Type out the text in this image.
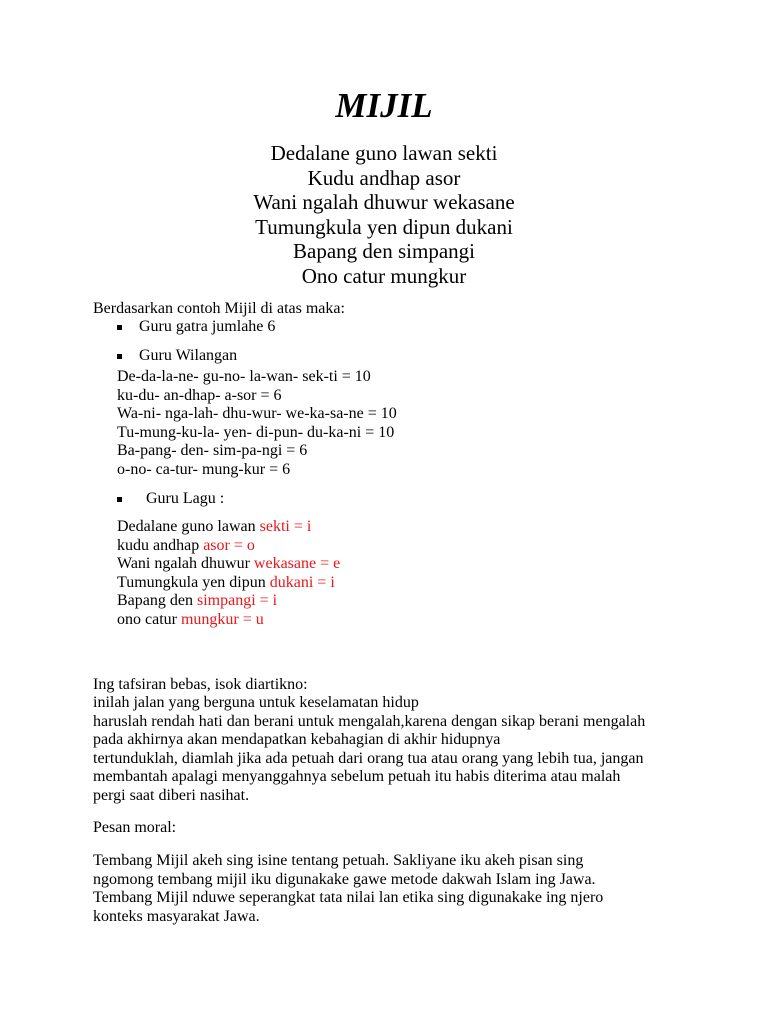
MIJIL
Dedalane guno lawan sekti
Kudu andhap asor
Wani ngalah dhuwur wekasane
Tumungkula yen dipun dukani
Bapang den simpangi
Ono catur mungkur

Berdasarkan contoh Mijil di atas maka:

Guru gatra jumlahe 6
Guru Wilangan
De-da-la-ne- gu-no- la-wan- sek-ti = 10
ku-du- an-dhap- a-sor = 6
Wa-ni- nga-lah- dhu-wur- we-ka-sa-ne = 10
Tu-mung-ku-la- yen- di-pun- du-ka-ni = 10
Ba-pang- den- sim-pa-ngi = 6
o-no- ca-tur- mung-kur = 6
Guru Lagu :
Dedalane guno lawan sekti = i
kudu andhap asor = o
Wani ngalah dhuwur wekasane = e
Tumungkula yen dipun dukani = i
Bapang den simpangi = i
ono catur mungkur = u

Ing tafsiran bebas, isok diartikno:

inilah jalan yang berguna untuk keselamatan hidup
haruslah rendah hati dan berani untuk mengalah,karena dengan sikap berani mengalah
pada akhirnya akan mendapatkan kebahagian di akhir hidupnya
tertunduklah, diamlah jika ada petuah dari orang tua atau orang yang lebih tua, jangan
membantah apalagi menyanggahnya sebelum petuah itu habis diterima atau malah
pergi saat diberi nasihat.

Pesan moral:

Tembang Mijil akeh sing isine tentang petuah. Sakliyane iku akeh pisan sing
ngomong tembang mijil iku digunakake gawe metode dakwah Islam ing Jawa.
Tembang Mijil nduwe seperangkat tata nilai lan etika sing digunakake ing njero
konteks masyarakat Jawa.
